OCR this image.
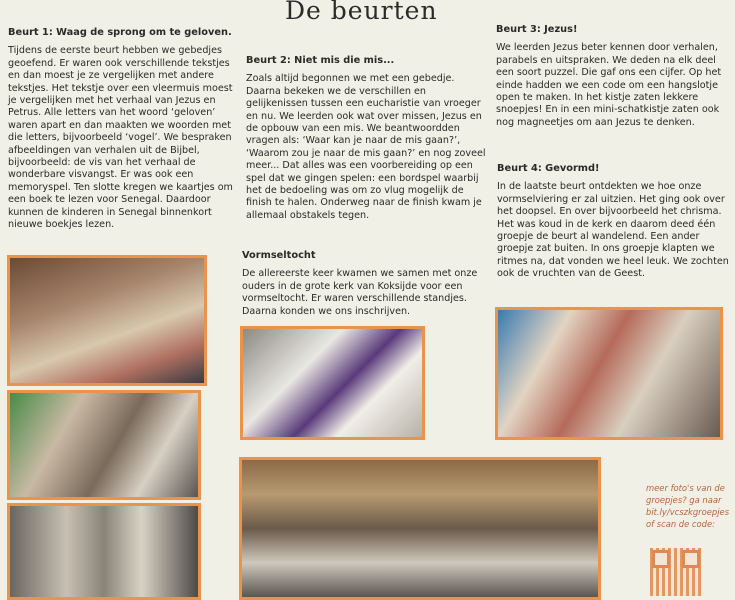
De beurten
Beurt 1: Waag de sprong om te geloven.

Tijdens de eerste beurt hebben we gebedjes geoefend. Er waren ook verschillende tekstjes en dan moest je ze vergelijken met andere tekstjes. Het tekstje over een vleermuis moest je vergelijken met het verhaal van Jezus en Petrus. Alle letters van het woord ‘geloven’ waren apart en dan maakten we woorden met die letters, bijvoorbeeld ‘vogel’. We bespraken afbeeldingen van verhalen uit de Bijbel, bijvoorbeeld: de vis van het verhaal de wonderbare visvangst. Er was ook een memoryspel. Ten slotte kregen we kaartjes om een boek te lezen voor Senegal. Daardoor kunnen de kinderen in Senegal binnenkort nieuwe boekjes lezen.

Beurt 2: Niet mis die mis...

Zoals altijd begonnen we met een gebedje. Daarna bekeken we de verschillen en gelijkenissen tussen een eucharistie van vroeger en nu. We leerden ook wat over missen, Jezus en de opbouw van een mis. We beantwoordden vragen als: ‘Waar kan je naar de mis gaan?’, ‘Waarom zou je naar de mis gaan?’ en nog zoveel meer... Dat alles was een voorbereiding op een spel dat we gingen spelen: een bordspel waarbij het de bedoeling was om zo vlug mogelijk de finish te halen. Onderweg naar de finish kwam je allemaal obstakels tegen.

Vormseltocht

De allereerste keer kwamen we samen met onze ouders in de grote kerk van Koksijde voor een vormseltocht. Er waren verschillende standjes. Daarna konden we ons inschrijven.

Beurt 3: Jezus!

We leerden Jezus beter kennen door verhalen, parabels en uitspraken. We deden na elk deel een soort puzzel. Die gaf ons een cijfer. Op het einde hadden we een code om een hangslotje open te maken. In het kistje zaten lekkere snoepjes! En in een mini-schatkistje zaten ook nog magneetjes om aan Jezus te denken.

Beurt 4: Gevormd!

In de laatste beurt ontdekten we hoe onze vormselviering er zal uitzien. Het ging ook over het doopsel. En over bijvoorbeeld het chrisma. Het was koud in de kerk en daarom deed één groepje de beurt al wandelend. Een ander groepje zat buiten. In ons groepje klapten we ritmes na, dat vonden we heel leuk. We zochten ook de vruchten van de Geest.

meer foto's van de groepjes? ga naar bit.ly/vcszkgroepjes of scan de code:
